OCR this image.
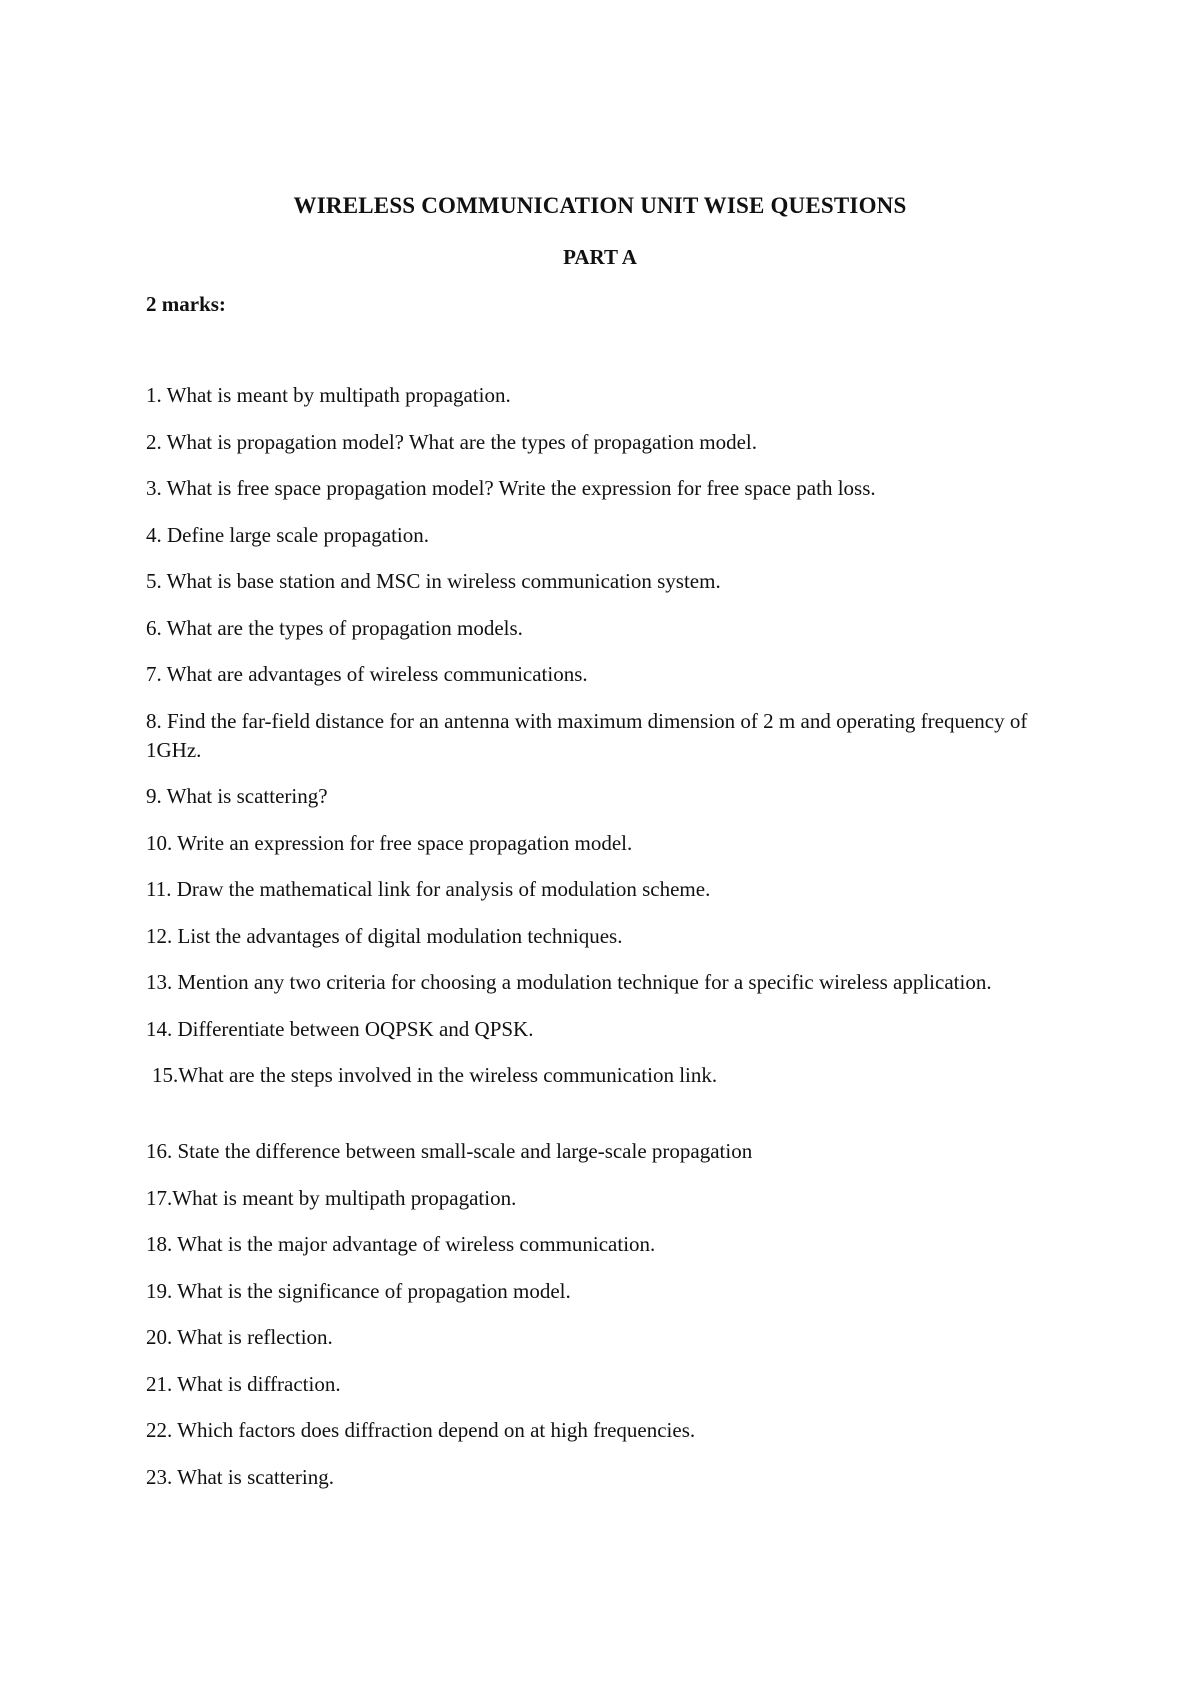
WIRELESS COMMUNICATION UNIT WISE QUESTIONS
PART A
2 marks:
1. What is meant by multipath propagation.
2. What is propagation model? What are the types of propagation model.
3. What is free space propagation model? Write the expression for free space path loss.
4. Define large scale propagation.
5. What is base station and MSC in wireless communication system.
6. What are the types of propagation models.
7. What are advantages of wireless communications.
8. Find the far-field distance for an antenna with maximum dimension of 2 m and operating frequency of 1GHz.
9. What is scattering?
10. Write an expression for free space propagation model.
11. Draw the mathematical link for analysis of modulation scheme.
12. List the advantages of digital modulation techniques.
13. Mention any two criteria for choosing a modulation technique for a specific wireless application.
14. Differentiate between OQPSK and QPSK.
15.What are the steps involved in the wireless communication link.
16. State the difference between small-scale and large-scale propagation
17.What is meant by multipath propagation.
18. What is the major advantage of wireless communication.
19. What is the significance of propagation model.
20. What is reflection.
21. What is diffraction.
22. Which factors does diffraction depend on at high frequencies.
23. What is scattering.
